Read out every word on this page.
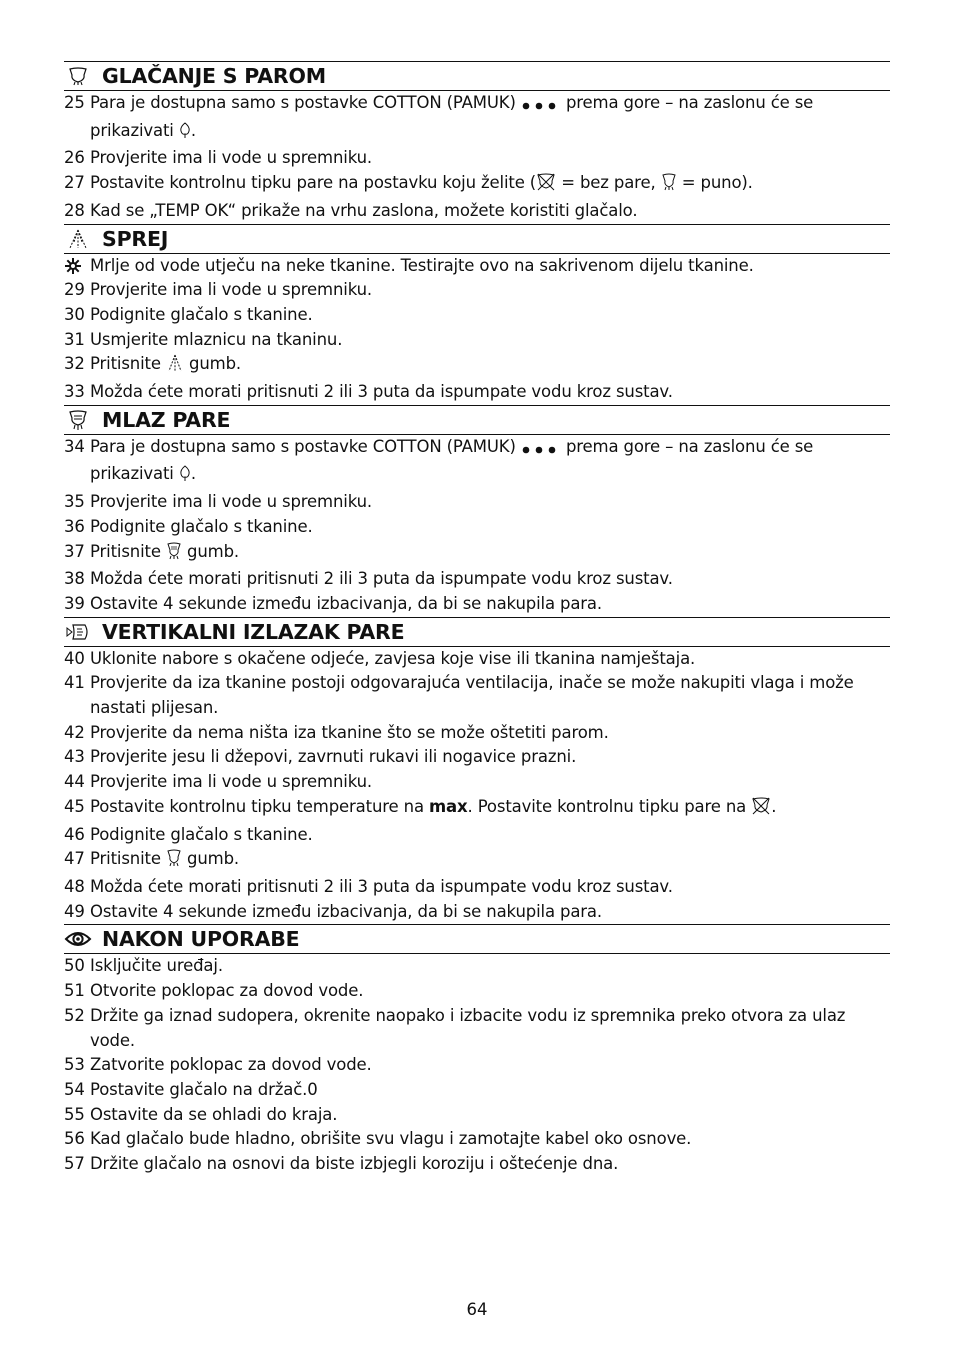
GLAČANJE S PAROM
25 Para je dostupna samo s postavke COTTON (PAMUK)  prema gore – na zaslonu će se prikazivati .
26 Provjerite ima li vode u spremniku.
27 Postavite kontrolnu tipku pare na postavku koju želite ( = bez pare,  = puno).
28 Kad se „TEMP OK“ prikaže na vrhu zaslona, možete koristiti glačalo.
SPREJ
Mrlje od vode utječu na neke tkanine. Testirajte ovo na sakrivenom dijelu tkanine.
29 Provjerite ima li vode u spremniku.
30 Podignite glačalo s tkanine.
31 Usmjerite mlaznicu na tkaninu.
32 Pritisnite  gumb.
33 Možda ćete morati pritisnuti 2 ili 3 puta da ispumpate vodu kroz sustav.
MLAZ PARE
34 Para je dostupna samo s postavke COTTON (PAMUK)  prema gore – na zaslonu će se prikazivati .
35 Provjerite ima li vode u spremniku.
36 Podignite glačalo s tkanine.
37 Pritisnite  gumb.
38 Možda ćete morati pritisnuti 2 ili 3 puta da ispumpate vodu kroz sustav.
39 Ostavite 4 sekunde između izbacivanja, da bi se nakupila para.
VERTIKALNI IZLAZAK PARE
40 Uklonite nabore s okačene odjeće, zavjesa koje vise ili tkanina namještaja.
41 Provjerite da iza tkanine postoji odgovarajuća ventilacija, inače se može nakupiti vlaga i može nastati plijesan.
42 Provjerite da nema ništa iza tkanine što se može oštetiti parom.
43 Provjerite jesu li džepovi, zavrnuti rukavi ili nogavice prazni.
44 Provjerite ima li vode u spremniku.
45 Postavite kontrolnu tipku temperature na max. Postavite kontrolnu tipku pare na .
46 Podignite glačalo s tkanine.
47 Pritisnite  gumb.
48 Možda ćete morati pritisnuti 2 ili 3 puta da ispumpate vodu kroz sustav.
49 Ostavite 4 sekunde između izbacivanja, da bi se nakupila para.
NAKON UPORABE
50 Isključite uređaj.
51 Otvorite poklopac za dovod vode.
52 Držite ga iznad sudopera, okrenite naopako i izbacite vodu iz spremnika preko otvora za ulaz vode.
53 Zatvorite poklopac za dovod vode.
54 Postavite glačalo na držač.0
55 Ostavite da se ohladi do kraja.
56 Kad glačalo bude hladno, obrišite svu vlagu i zamotajte kabel oko osnove.
57 Držite glačalo na osnovi da biste izbjegli koroziju i oštećenje dna.
64
